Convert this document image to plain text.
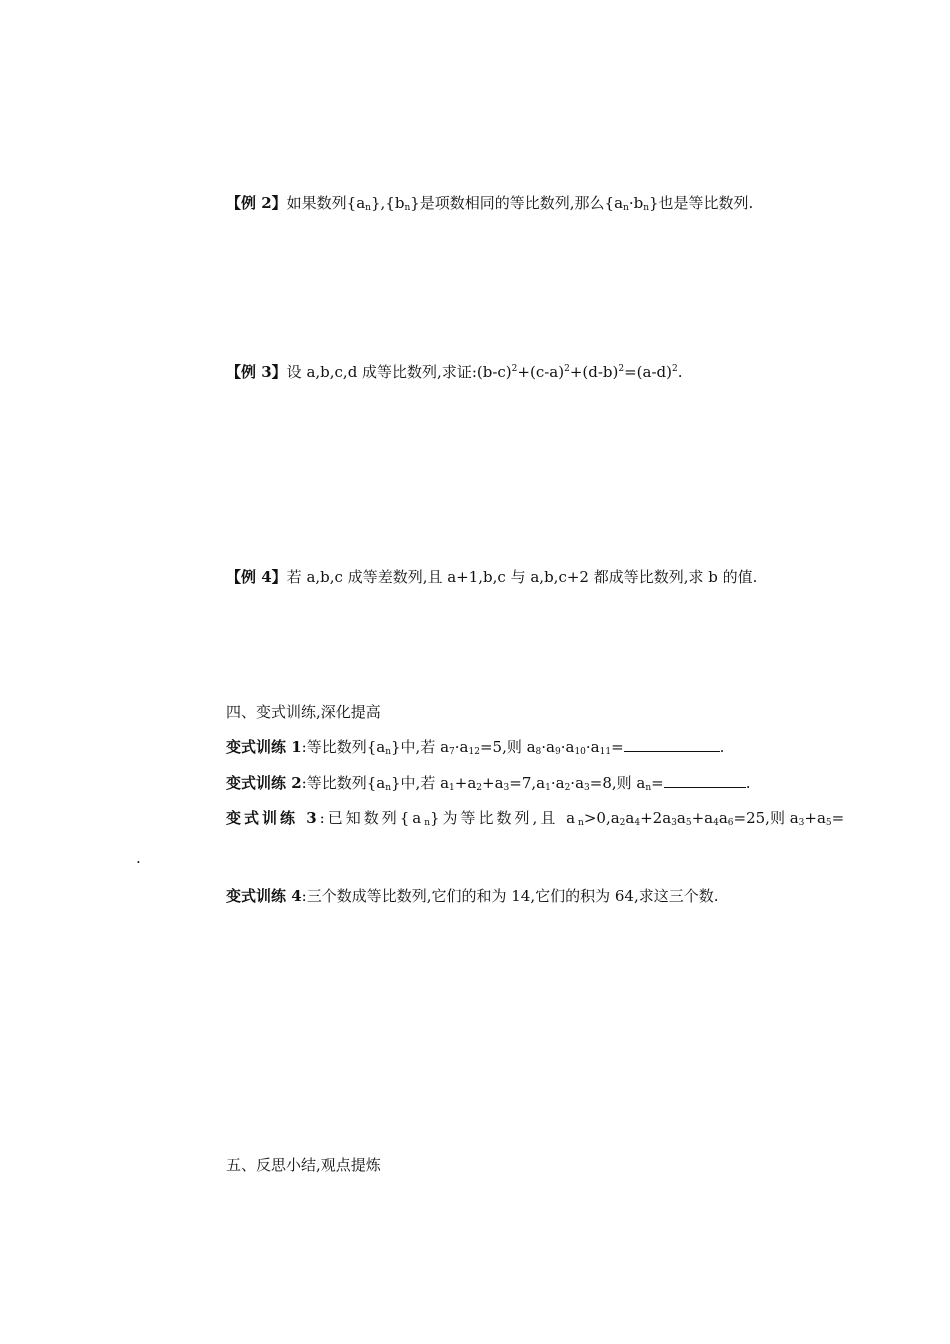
【例 2】如果数列$\{a_n\},\{b_n\}$是项数相同的等比数列,那么$\{a_n\cdot b_n\}$也是等比数列.
【例 3】设 a,b,c,d 成等比数列,求证$:(b-c)^2+(c-a)^2+(d-b)^2=(a-d)^2$.
【例 4】若 a,b,c 成等差数列,且 a+1,b,c 与 a,b,c+2 都成等比数列,求 b 的值.
四、变式训练,深化提高
变式训练 1:等比数列$\{a_n\}$中,若 $a_7\cdot a_{12}=5$,则 $a_8\cdot a_9\cdot a_{10}\cdot a_{11}=$	.
变式训练 2:等比数列$\{a_n\}$中,若 $a_1+a_2+a_3=7,a_1\cdot a_2\cdot a_3=8$,则 $a_n=$	.
变式训练 3:已知数列$\{a_n\}$为等比数列,且 $a_n>0,a_2a_4+2a_3a_5+a_4a_6=25$,则 $a_3+a_5=$
.
变式训练 4:三个数成等比数列,它们的和为 14,它们的积为 64,求这三个数.
五、反思小结,观点提炼
